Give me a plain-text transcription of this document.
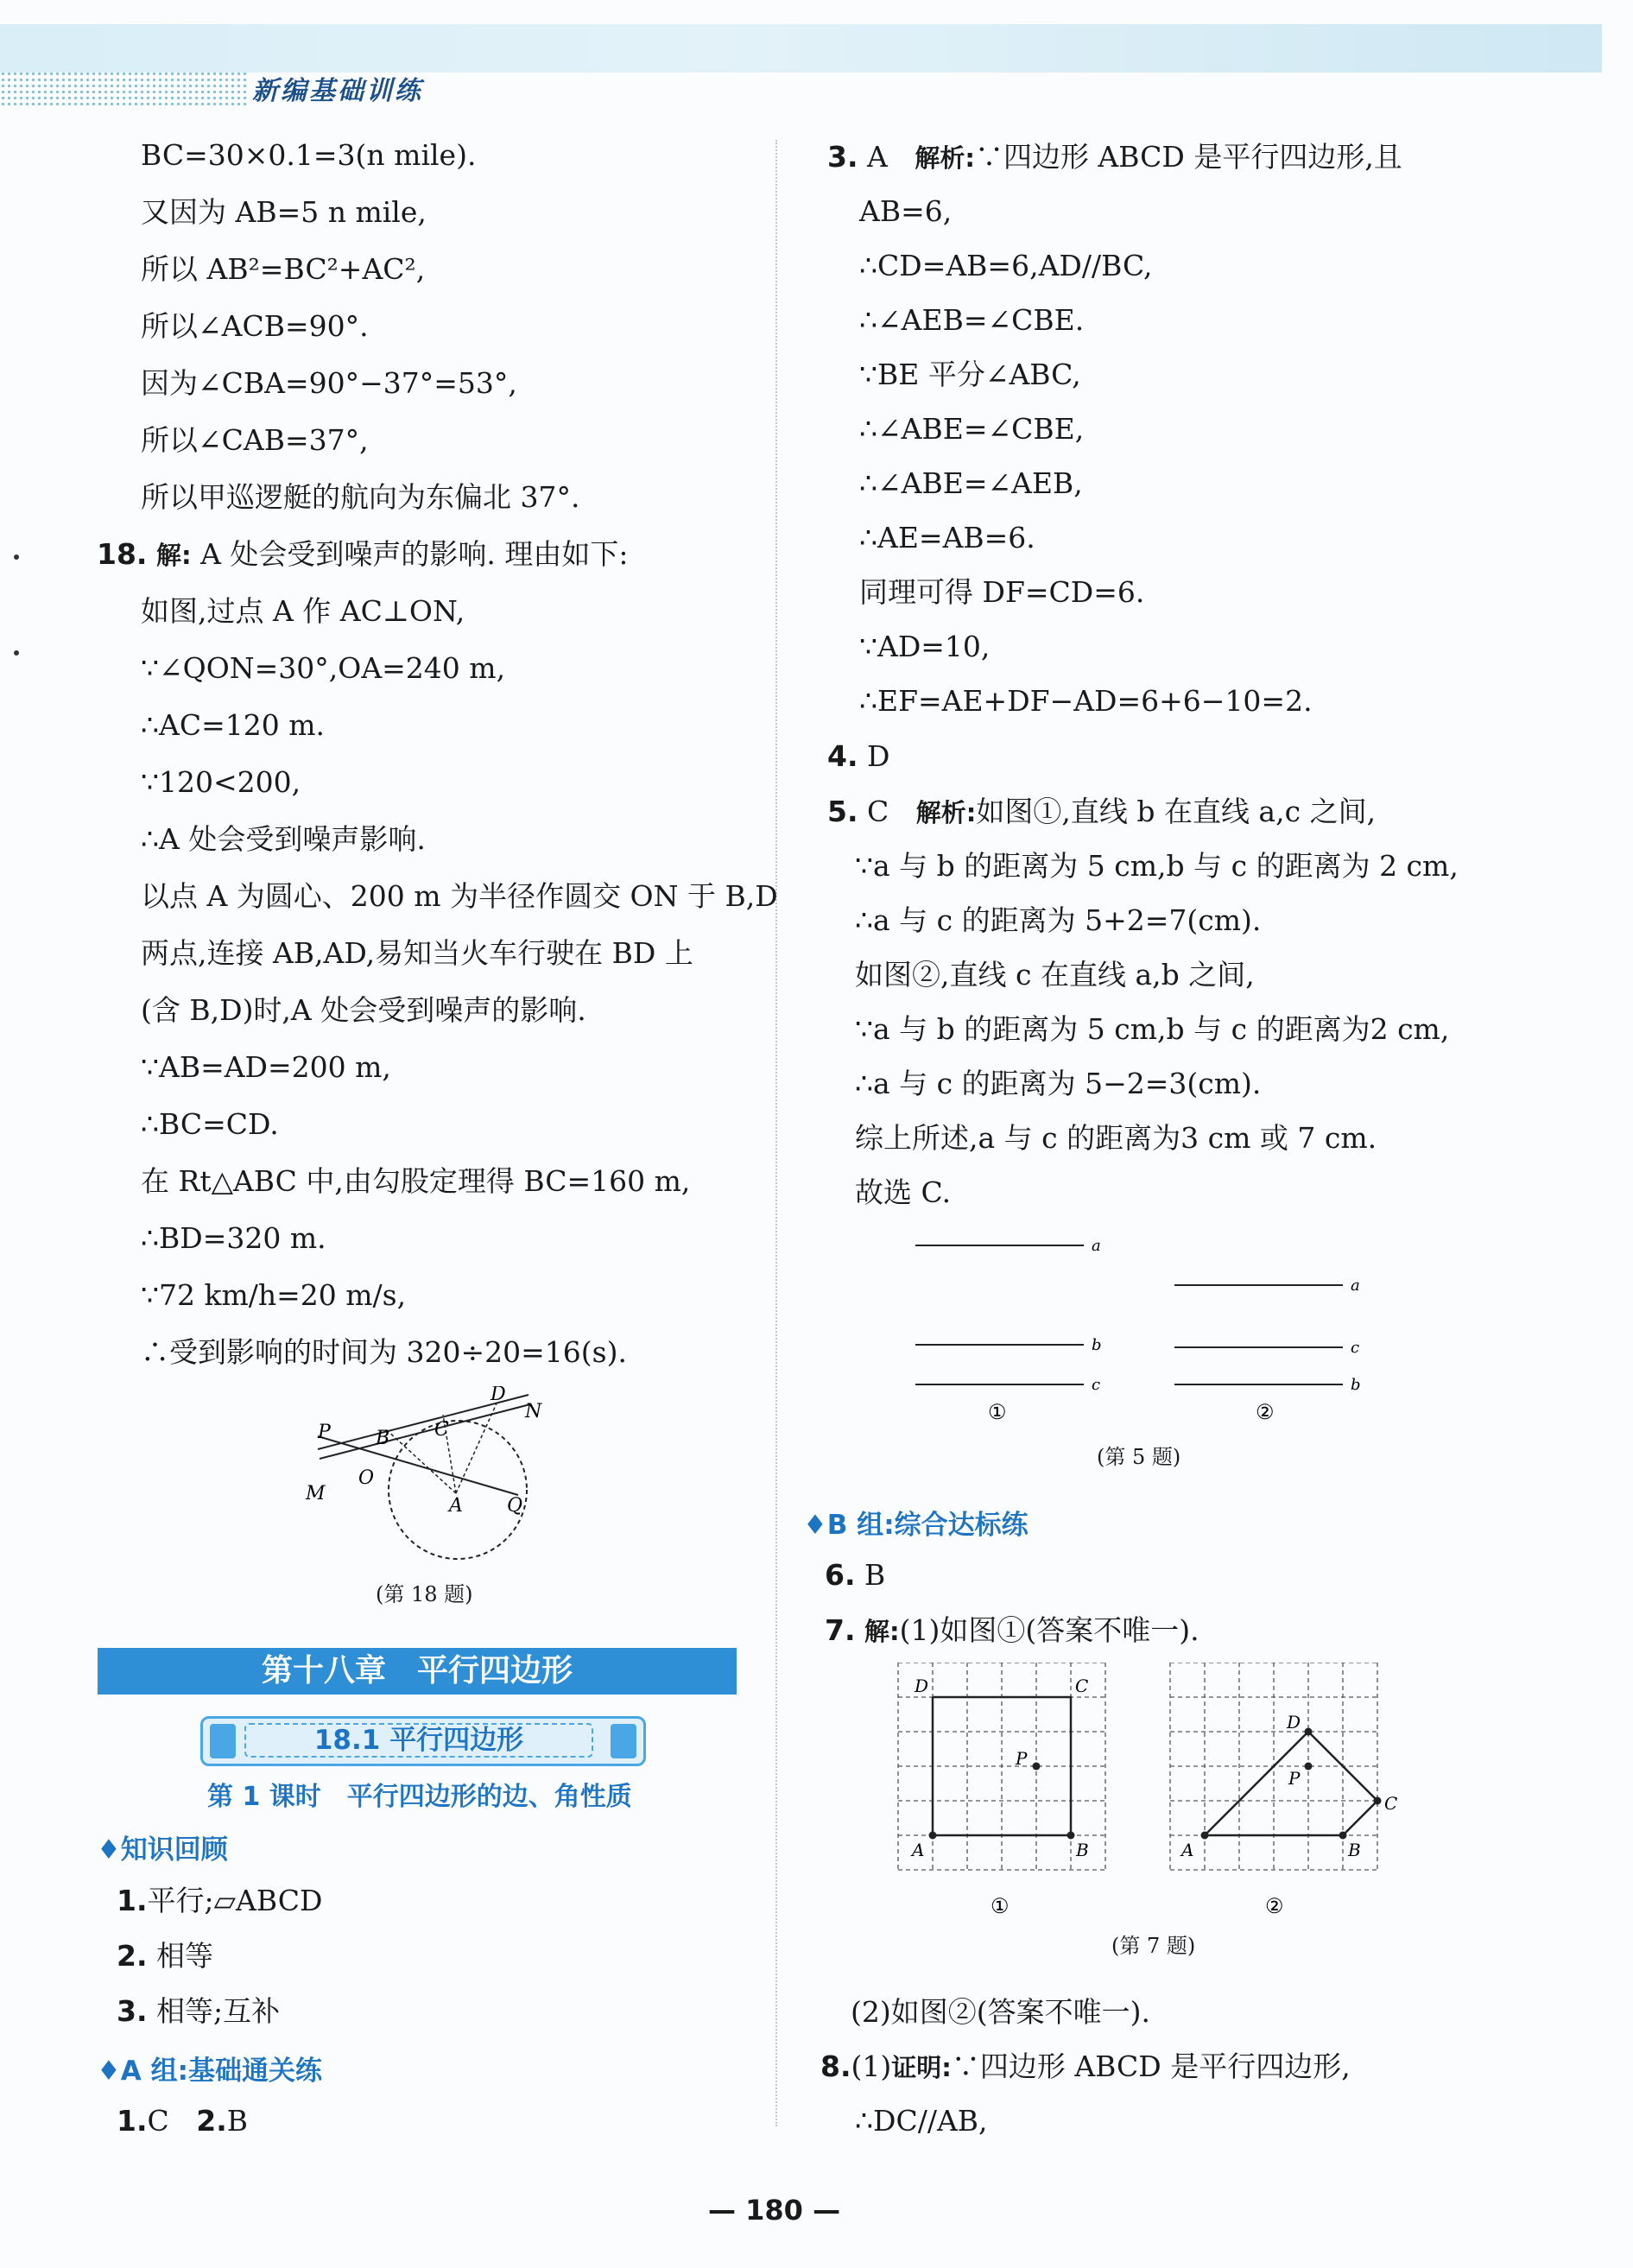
新编基础训练
BC=30×0.1=3(n mile).
又因为 AB=5 n mile,
所以 AB²=BC²+AC²,
所以∠ACB=90°.
因为∠CBA=90°−37°=53°,
所以∠CAB=37°,
所以甲巡逻艇的航向为东偏北 37°.
18. 解: A 处会受到噪声的影响. 理由如下:
如图,过点 A 作 AC⊥ON,
∵∠QON=30°,OA=240 m,
∴AC=120 m.
∵120<200,
∴A 处会受到噪声影响.
以点 A 为圆心、200 m 为半径作圆交 ON 于 B,D
两点,连接 AB,AD,易知当火车行驶在 BD 上
(含 B,D)时,A 处会受到噪声的影响.
∵AB=AD=200 m,
∴BC=CD.
在 Rt△ABC 中,由勾股定理得 BC=160 m,
∴BD=320 m.
∵72 km/h=20 m/s,
∴受到影响的时间为 320÷20=16(s).
P B C
D
N
O
M
A Q
(第 18 题)
第十八章　平行四边形
18.1 平行四边形
第 1 课时　平行四边形的边、角性质
♦知识回顾
1.平行;▱ABCD
2. 相等
3. 相等;互补
♦A 组:基础通关练
1.C 2.B
3. A 解析:∵四边形 ABCD 是平行四边形,且
AB=6,
∴CD=AB=6,AD//BC,
∴∠AEB=∠CBE.
∵BE 平分∠ABC,
∴∠ABE=∠CBE,
∴∠ABE=∠AEB,
∴AE=AB=6.
同理可得 DF=CD=6.
∵AD=10,
∴EF=AE+DF−AD=6+6−10=2.
4. D
5. C 解析:如图①,直线 b 在直线 a,c 之间,
∵a 与 b 的距离为 5 cm,b 与 c 的距离为 2 cm,
∴a 与 c 的距离为 5+2=7(cm).
如图②,直线 c 在直线 a,b 之间,
∵a 与 b 的距离为 5 cm,b 与 c 的距离为2 cm,
∴a 与 c 的距离为 5−2=3(cm).
综上所述,a 与 c 的距离为3 cm 或 7 cm.
故选 C.
a
b
c
①
a
c
b
②
(第 5 题)
♦B 组:综合达标练
6. B
7. 解:(1)如图①(答案不唯一).
D	C
P
A	B
①
D
P
C
A	B
②
(第 7 题)
(2)如图②(答案不唯一).
8.(1)证明:∵四边形 ABCD 是平行四边形,
∴DC//AB,
— 180 —
